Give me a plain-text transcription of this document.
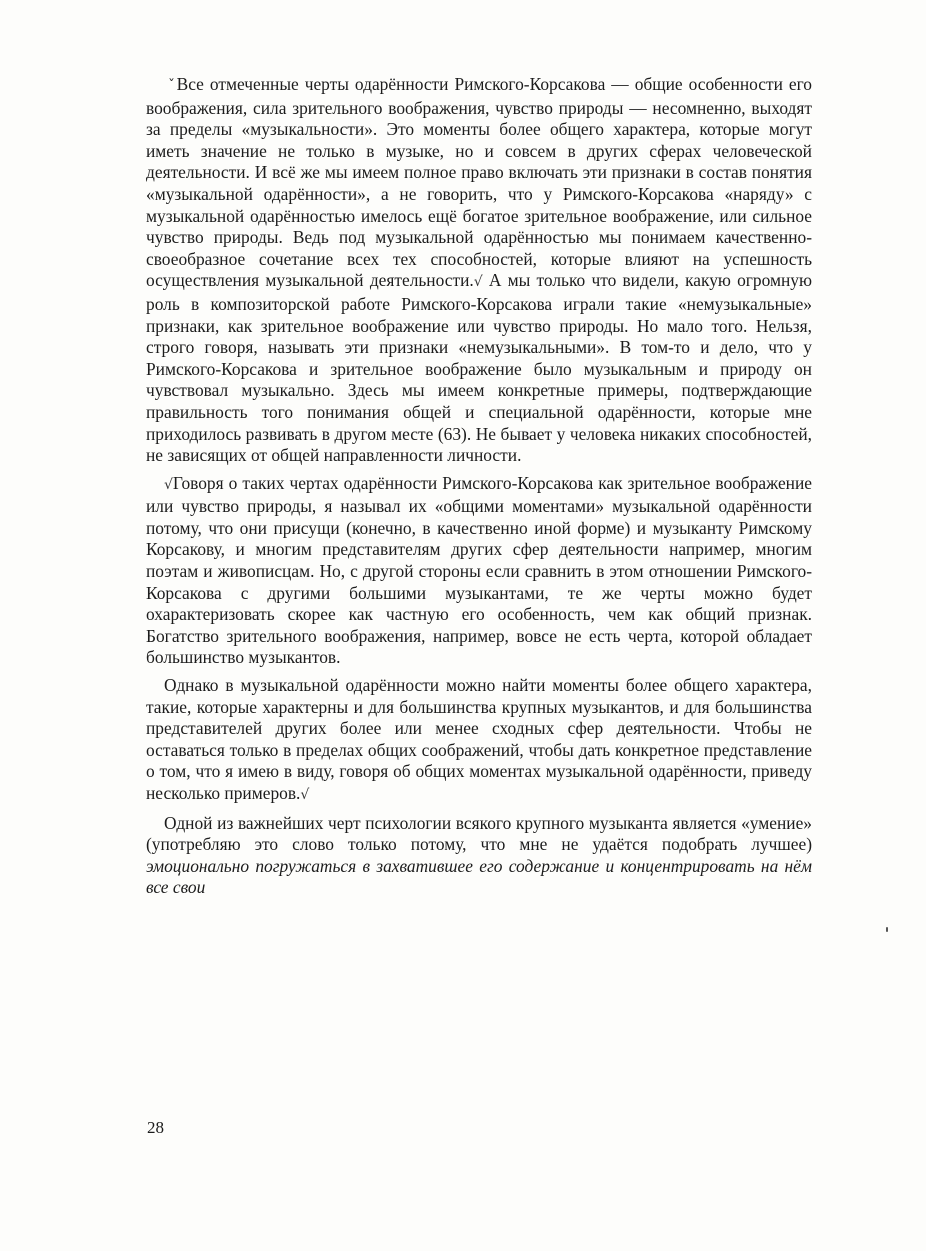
ˇВсе отмеченные черты одарённости Римского-Корсакова — общие особенности его воображения, сила зрительного воображения, чувство природы — несомненно, выходят за пределы «музыкальности». Это моменты более общего характера, которые могут иметь значение не только в музыке, но и совсем в других сферах человеческой деятельности. И всё же мы имеем полное право включать эти признаки в состав понятия «музыкальной одарённости», а не говорить, что у Римского-Корсакова «наряду» с музыкальной одарённостью имелось ещё богатое зрительное воображение, или сильное чувство природы. Ведь под музыкальной одарённостью мы понимаем качественно-своеобразное сочетание всех тех способностей, которые влияют на успешность осуществления музыкальной деятельности.√ А мы только что видели, какую огромную роль в композиторской работе Римского-Корсакова играли такие «немузыкальные» признаки, как зрительное воображение или чувство природы. Но мало того. Нельзя, строго говоря, называть эти признаки «немузыкальными». В том-то и дело, что у Римского-Корсакова и зрительное воображение было музыкальным и природу он чувствовал музыкально. Здесь мы имеем конкретные примеры, подтверждающие правильность того понимания общей и специальной одарённости, которые мне приходилось развивать в другом месте (63). Не бывает у человека никаких способностей, не зависящих от общей направленности личности.

√Говоря о таких чертах одарённости Римского-Корсакова как зрительное воображение или чувство природы, я называл их «общими моментами» музыкальной одарённости потому, что они присущи (конечно, в качественно иной форме) и музыканту Римскому Корсакову, и многим представителям других сфер деятельности например, многим поэтам и живописцам. Но, с другой стороны если сравнить в этом отношении Римского-Корсакова с другими большими музыкантами, те же черты можно будет охарактеризовать скорее как частную его особенность, чем как общий признак. Богатство зрительного воображения, например, вовсе не есть черта, которой обладает большинство музыкантов.

Однако в музыкальной одарённости можно найти моменты более общего характера, такие, которые характерны и для большинства крупных музыкантов, и для большинства представителей других более или менее сходных сфер деятельности. Чтобы не оставаться только в пределах общих соображений, чтобы дать конкретное представление о том, что я имею в виду, говоря об общих моментах музыкальной одарённости, приведу несколько примеров.√

Одной из важнейших черт психологии всякого крупного музыканта является «умение» (употребляю это слово только потому, что мне не удаётся подобрать лучшее) эмоционально погружаться в захватившее его содержание и концентрировать на нём все свои

28
